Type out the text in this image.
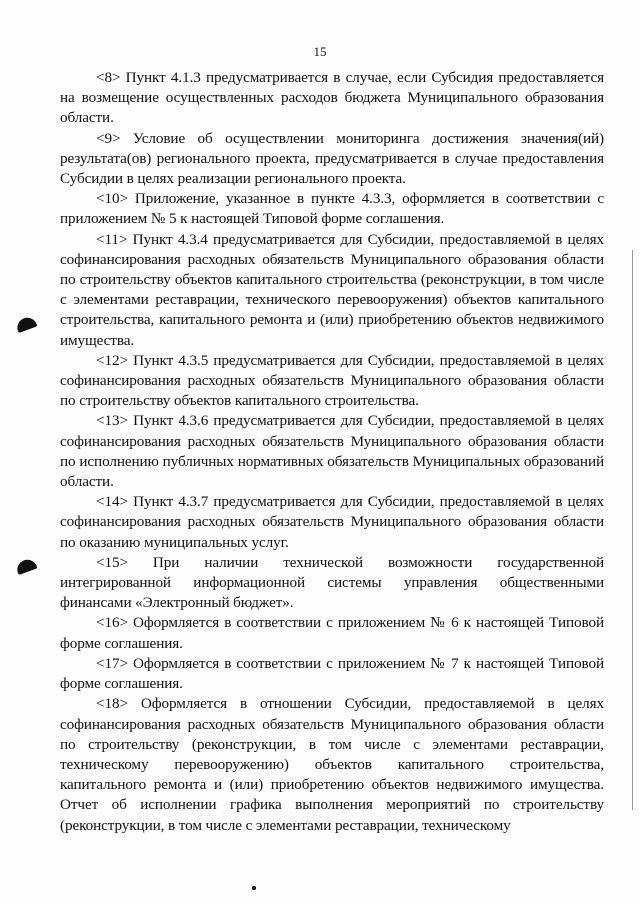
15

<8> Пункт 4.1.3 предусматривается в случае, если Субсидия предоставляется на возмещение осуществленных расходов бюджета Муниципального образования области.

<9> Условие об осуществлении мониторинга достижения значения(ий) результата(ов) регионального проекта, предусматривается в случае предоставления Субсидии в целях реализации регионального проекта.

<10> Приложение, указанное в пункте 4.3.3, оформляется в соответствии с приложением № 5 к настоящей Типовой форме соглашения.

<11> Пункт 4.3.4 предусматривается для Субсидии, предоставляемой в целях софинансирования расходных обязательств Муниципального образования области по строительству объектов капитального строительства (реконструкции, в том числе с элементами реставрации, технического перевооружения) объектов капитального строительства, капитального ремонта и (или) приобретению объектов недвижимого имущества.

<12> Пункт 4.3.5 предусматривается для Субсидии, предоставляемой в целях софинансирования расходных обязательств Муниципального образования области по строительству объектов капитального строительства.

<13> Пункт 4.3.6 предусматривается для Субсидии, предоставляемой в целях софинансирования расходных обязательств Муниципального образования области по исполнению публичных нормативных обязательств Муниципальных образований области.

<14> Пункт 4.3.7 предусматривается для Субсидии, предоставляемой в целях софинансирования расходных обязательств Муниципального образования области по оказанию муниципальных услуг.

<15> При наличии технической возможности государственной интегрированной информационной системы управления общественными финансами «Электронный бюджет».

<16> Оформляется в соответствии с приложением № 6 к настоящей Типовой форме соглашения.

<17> Оформляется в соответствии с приложением № 7 к настоящей Типовой форме соглашения.

<18> Оформляется в отношении Субсидии, предоставляемой в целях софинансирования расходных обязательств Муниципального образования области по строительству (реконструкции, в том числе с элементами реставрации, техническому перевооружению) объектов капитального строительства, капитального ремонта и (или) приобретению объектов недвижимого имущества. Отчет об исполнении графика выполнения мероприятий по строительству (реконструкции, в том числе с элементами реставрации, техническому
